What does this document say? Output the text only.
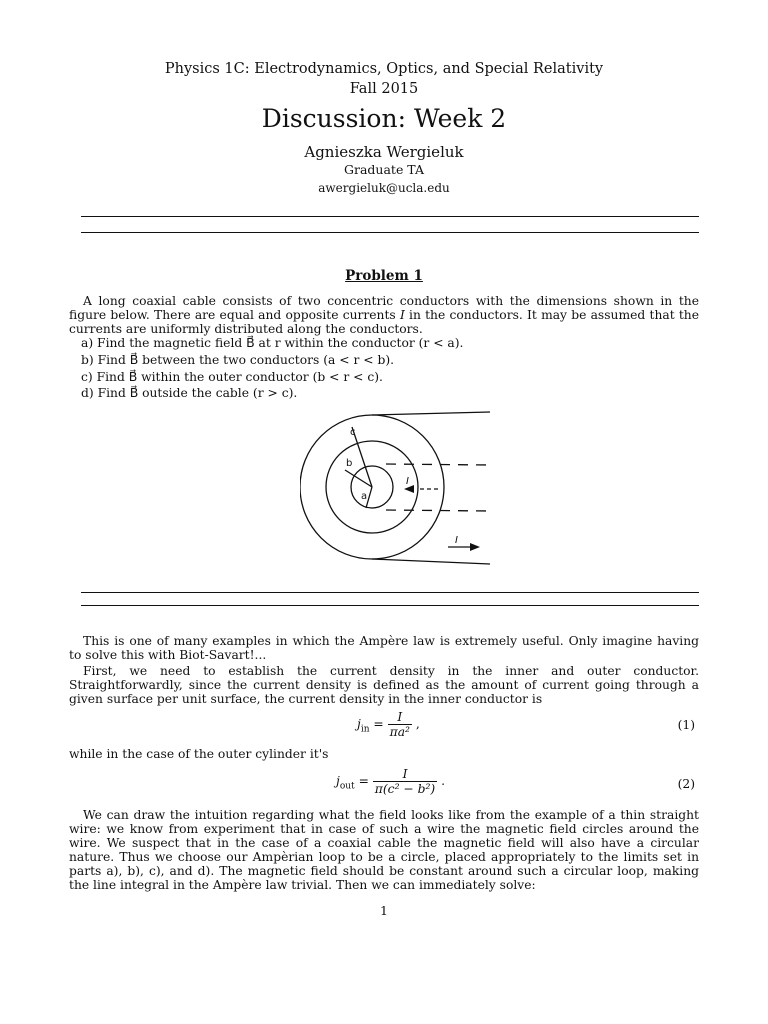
Physics 1C: Electrodynamics, Optics, and Special Relativity
Fall 2015
Discussion: Week 2
Agnieszka Wergieluk
Graduate TA
awergieluk@ucla.edu
Problem 1
A long coaxial cable consists of two concentric conductors with the dimensions shown in the figure below. There are equal and opposite currents I in the conductors. It may be assumed that the currents are uniformly distributed along the conductors.
a) Find the magnetic field B⃗ at r within the conductor (r < a).
b) Find B⃗ between the two conductors (a < r < b).
c) Find B⃗ within the outer conductor (b < r < c).
d) Find B⃗ outside the cable (r > c).
c
b
a
I
I
This is one of many examples in which the Ampère law is extremely useful. Only imagine having to solve this with Biot-Savart!...
First, we need to establish the current density in the inner and outer conductor. Straightforwardly, since the current density is defined as the amount of current going through a given surface per unit surface, the current density in the inner conductor is
$j_{in} = \frac{I}{\text{πa²}}$ ,	(1)
while in the case of the outer cylinder it's
$j_{out} = \frac{I}{\text{π(c² − b²)}}$ .	(2)
We can draw the intuition regarding what the field looks like from the example of a thin straight wire: we know from experiment that in case of such a wire the magnetic field circles around the wire. We suspect that in the case of a coaxial cable the magnetic field will also have a circular nature. Thus we choose our Ampèrian loop to be a circle, placed appropriately to the limits set in parts a), b), c), and d). The magnetic field should be constant around such a circular loop, making the line integral in the Ampère law trivial. Then we can immediately solve:
1
